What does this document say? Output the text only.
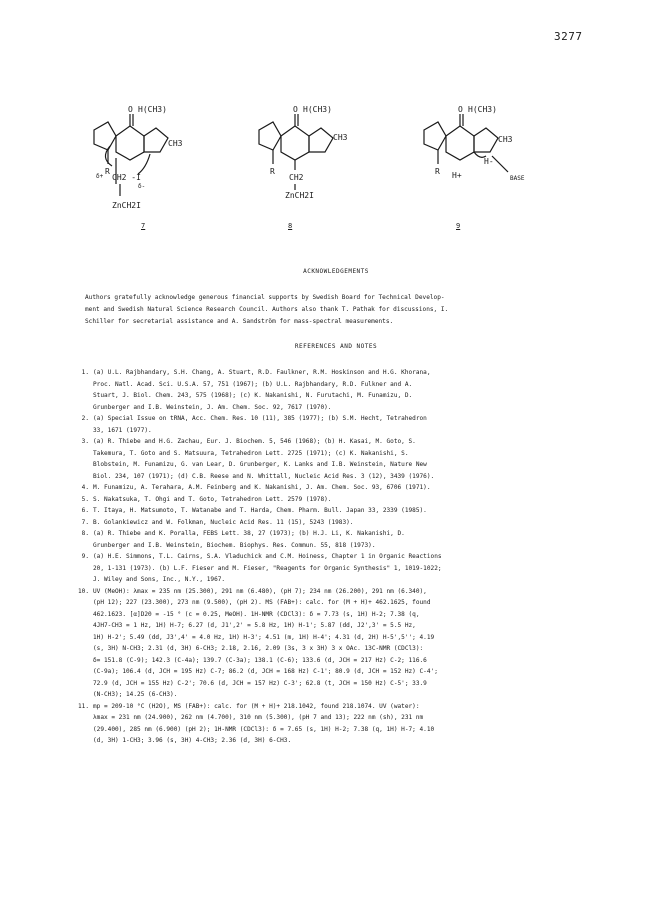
3277
O H(CH3)
CH3
R
δ+ CH2 -I
δ-
ZnCH2I
O H(CH3)
CH3
R
CH2
ZnCH2I
O H(CH3)
CH3
R H+
H-
BASE
7	8	9
ACKNOWLEDGEMENTS
Authors gratefully acknowledge generous financial supports by Swedish Board for Technical Develop-
ment and Swedish Natural Science Research Council. Authors also thank T. Pathak for discussions, I.
Schiller for secretarial assistance and A. Sandström for mass-spectral measurements.
REFERENCES AND NOTES
1. (a) U.L. Rajbhandary, S.H. Chang, A. Stuart, R.D. Faulkner, R.M. Hoskinson and H.G. Khorana,
Proc. Natl. Acad. Sci. U.S.A. 57, 751 (1967); (b) U.L. Rajbhandary, R.D. Fulkner and A.
Stuart, J. Biol. Chem. 243, 575 (1968); (c) K. Nakanishi, N. Furutachi, M. Funamizu, D.
Grunberger and I.B. Weinstein, J. Am. Chem. Soc. 92, 7617 (1970).
2. (a) Special Issue on tRNA, Acc. Chem. Res. 10 (11), 385 (1977); (b) S.M. Hecht, Tetrahedron
33, 1671 (1977).
3. (a) R. Thiebe and H.G. Zachau, Eur. J. Biochem. 5, 546 (1968); (b) H. Kasai, M. Goto, S.
Takemura, T. Goto and S. Matsuura, Tetrahedron Lett. 2725 (1971); (c) K. Nakanishi, S.
Blobstein, M. Funamizu, G. van Lear, D. Grunberger, K. Lanks and I.B. Weinstein, Nature New
Biol. 234, 107 (1971); (d) C.B. Reese and N. Whittall, Nucleic Acid Res. 3 (12), 3439 (1976).
4. M. Funamizu, A. Terahara, A.M. Feinberg and K. Nakanishi, J. Am. Chem. Soc. 93, 6706 (1971).
5. S. Nakatsuka, T. Ohgi and T. Goto, Tetrahedron Lett. 2579 (1978).
6. T. Itaya, H. Matsumoto, T. Watanabe and T. Harda, Chem. Pharm. Bull. Japan 33, 2339 (1985).
7. B. Golankiewicz and W. Folkman, Nucleic Acid Res. 11 (15), 5243 (1983).
8. (a) R. Thiebe and K. Poralla, FEBS Lett. 38, 27 (1973); (b) H.J. Li, K. Nakanishi, D.
Grunberger and I.B. Weinstein, Biochem. Biophys. Res. Commun. 55, 818 (1973).
9. (a) H.E. Simmons, T.L. Cairns, S.A. Vladuchick and C.M. Hoiness, Chapter 1 in Organic Reactions
20, 1-131 (1973). (b) L.F. Fieser and M. Fieser, "Reagents for Organic Synthesis" 1, 1019-1022;
J. Wiley and Sons, Inc., N.Y., 1967.
10. UV (MeOH): λmax = 235 nm (25.300), 291 nm (6.480), (pH 7); 234 nm (26.200), 291 nm (6.340),
(pH 12); 227 (23.300), 273 nm (9.500), (pH 2). MS (FAB+): calc. for (M + H)+ 462.1625, found
462.1623. [α]D20 = -15 ° (c = 0.25, MeOH). 1H-NMR (CDCl3): δ = 7.73 (s, 1H) H-2; 7.38 (q,
4JH7-CH3 = 1 Hz, 1H) H-7; 6.27 (d, J1',2' = 5.8 Hz, 1H) H-1'; 5.87 (dd, J2',3' = 5.5 Hz,
1H) H-2'; 5.49 (dd, J3',4' = 4.0 Hz, 1H) H-3'; 4.51 (m, 1H) H-4'; 4.31 (d, 2H) H-5',5''; 4.19
(s, 3H) N-CH3; 2.31 (d, 3H) 6-CH3; 2.18, 2.16, 2.09 (3s, 3 x 3H) 3 x OAc. 13C-NMR (CDCl3):
δ= 151.8 (C-9); 142.3 (C-4a); 139.7 (C-3a); 138.1 (C-6); 133.6 (d, JCH = 217 Hz) C-2; 116.6
(C-9a); 106.4 (d, JCH = 195 Hz) C-7; 86.2 (d, JCH = 168 Hz) C-1'; 80.9 (d, JCH = 152 Hz) C-4';
72.9 (d, JCH = 155 Hz) C-2'; 70.6 (d, JCH = 157 Hz) C-3'; 62.8 (t, JCH = 150 Hz) C-5'; 33.9
(N-CH3); 14.25 (6-CH3).
11. mp = 209-10 °C (H2O), MS (FAB+): calc. for (M + H)+ 218.1042, found 218.1074. UV (water):
λmax = 231 nm (24.900), 262 nm (4.700), 310 nm (5.300), (pH 7 and 13); 222 nm (sh), 231 nm
(29.400), 285 nm (6.900) (pH 2); 1H-NMR (CDCl3): δ = 7.65 (s, 1H) H-2; 7.38 (q, 1H) H-7; 4.10
(d, 3H) 1-CH3; 3.96 (s, 3H) 4-CH3; 2.36 (d, 3H) 6-CH3.
